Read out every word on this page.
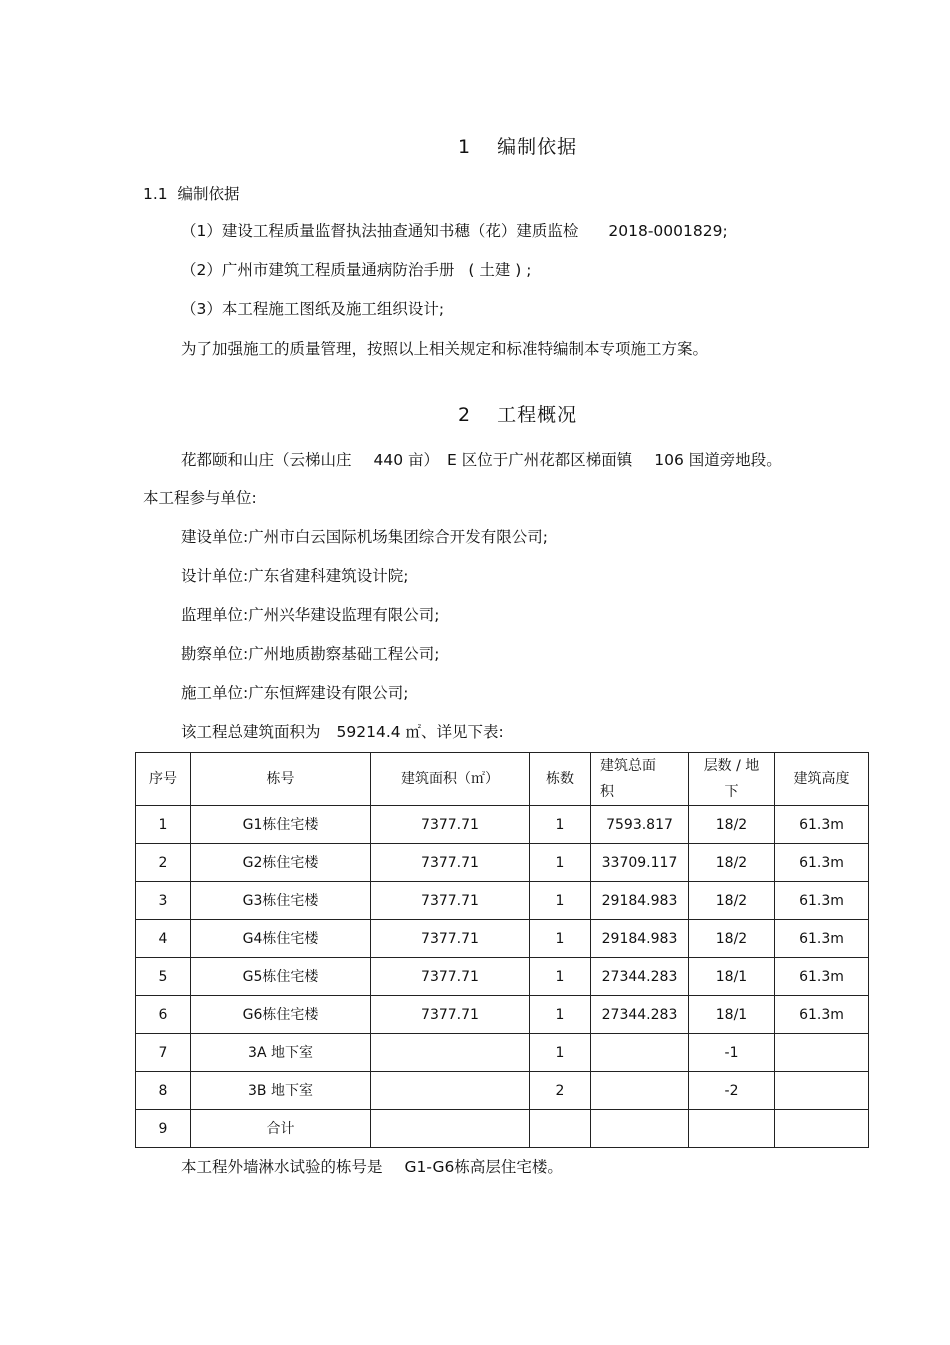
1 编制依据
1.1 编制依据
（1）建设工程质量监督执法抽查通知书穗（花）建质监检 2018-0001829;
（2）广州市建筑工程质量通病防治手册 ( 土建 ) ;
（3）本工程施工图纸及施工组织设计;
为了加强施工的质量管理，按照以上相关规定和标准特编制本专项施工方案。
2 工程概况
花都颐和山庄（云梯山庄 440 亩） E 区位于广州花都区梯面镇 106 国道旁地段。
本工程参与单位:
建设单位:广州市白云国际机场集团综合开发有限公司;
设计单位:广东省建科建筑设计院;
监理单位:广州兴华建设监理有限公司;
勘察单位:广州地质勘察基础工程公司;
施工单位:广东恒辉建设有限公司;
该工程总建筑面积为 59214.4 ㎡、详见下表:
序号	栋号	建筑面积（㎡）	栋数	建筑总面积	层数 / 地下	建筑高度
1	G1栋住宅楼	7377.71	1	7593.817	18/2	61.3m
2	G2栋住宅楼	7377.71	1	33709.117	18/2	61.3m
3	G3栋住宅楼	7377.71	1	29184.983	18/2	61.3m
4	G4栋住宅楼	7377.71	1	29184.983	18/2	61.3m
5	G5栋住宅楼	7377.71	1	27344.283	18/1	61.3m
6	G6栋住宅楼	7377.71	1	27344.283	18/1	61.3m
7	3A 地下室		1		-1	
8	3B 地下室		2		-2	
9	合计					
本工程外墙淋水试验的栋号是 G1-G6栋高层住宅楼。
